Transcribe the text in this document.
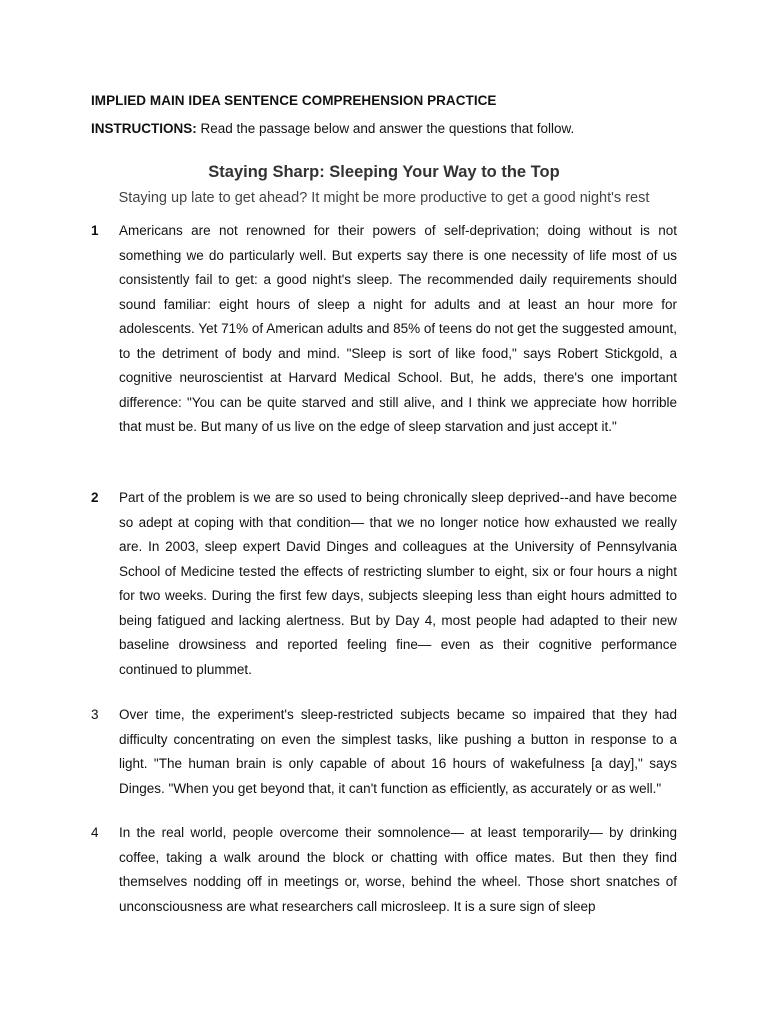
IMPLIED MAIN IDEA SENTENCE COMPREHENSION PRACTICE
INSTRUCTIONS: Read the passage below and answer the questions that follow.
Staying Sharp: Sleeping Your Way to the Top
Staying up late to get ahead? It might be more productive to get a good night's rest
1 Americans are not renowned for their powers of self-deprivation; doing without is not something we do particularly well. But experts say there is one necessity of life most of us consistently fail to get: a good night's sleep. The recommended daily requirements should sound familiar: eight hours of sleep a night for adults and at least an hour more for adolescents. Yet 71% of American adults and 85% of teens do not get the suggested amount, to the detriment of body and mind. "Sleep is sort of like food," says Robert Stickgold, a cognitive neuroscientist at Harvard Medical School. But, he adds, there's one important difference: "You can be quite starved and still alive, and I think we appreciate how horrible that must be. But many of us live on the edge of sleep starvation and just accept it."
2 Part of the problem is we are so used to being chronically sleep deprived--and have become so adept at coping with that condition— that we no longer notice how exhausted we really are. In 2003, sleep expert David Dinges and colleagues at the University of Pennsylvania School of Medicine tested the effects of restricting slumber to eight, six or four hours a night for two weeks. During the first few days, subjects sleeping less than eight hours admitted to being fatigued and lacking alertness. But by Day 4, most people had adapted to their new baseline drowsiness and reported feeling fine— even as their cognitive performance continued to plummet.
3 Over time, the experiment's sleep-restricted subjects became so impaired that they had difficulty concentrating on even the simplest tasks, like pushing a button in response to a light. "The human brain is only capable of about 16 hours of wakefulness [a day]," says Dinges. "When you get beyond that, it can't function as efficiently, as accurately or as well."
4 In the real world, people overcome their somnolence— at least temporarily— by drinking coffee, taking a walk around the block or chatting with office mates. But then they find themselves nodding off in meetings or, worse, behind the wheel. Those short snatches of unconsciousness are what researchers call microsleep. It is a sure sign of sleep
